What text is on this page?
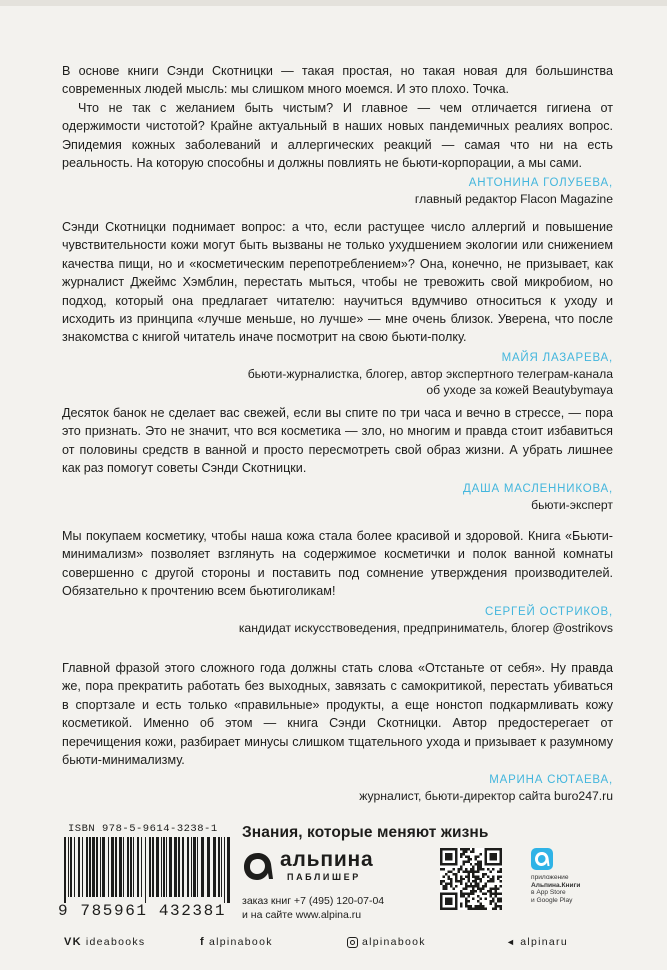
В основе книги Сэнди Скотницки — такая простая, но такая новая для большинства современных людей мысль: мы слишком много моемся. И это плохо. Точка.

Что не так с желанием быть чистым? И главное — чем отличается гигиена от одержимости чистотой? Крайне актуальный в наших новых пандемичных реалиях вопрос. Эпидемия кожных заболеваний и аллергических реакций — самая что ни на есть реальность. На которую способны и должны повлиять не бьюти-корпорации, а мы сами.

АНТОНИНА ГОЛУБЕВА,
главный редактор Flacon Magazine

Сэнди Скотницки поднимает вопрос: а что, если растущее число аллергий и повышение чувствительности кожи могут быть вызваны не только ухудшением экологии или снижением качества пищи, но и «косметическим перепотреблением»? Она, конечно, не призывает, как журналист Джеймс Хэмблин, перестать мыться, чтобы не тревожить свой микробиом, но подход, который она предлагает читателю: научиться вдумчиво относиться к уходу и исходить из принципа «лучше меньше, но лучше» — мне очень близок. Уверена, что после знакомства с книгой читатель иначе посмотрит на свою бьюти-полку.

МАЙЯ ЛАЗАРЕВА,
бьюти-журналистка, блогер, автор экспертного телеграм-канала
об уходе за кожей Beautybymaya

Десяток банок не сделает вас свежей, если вы спите по три часа и вечно в стрессе, — пора это признать. Это не значит, что вся косметика — зло, но многим и правда стоит избавиться от половины средств в ванной и просто пересмотреть свой образ жизни. А убрать лишнее как раз помогут советы Сэнди Скотницки.

ДАША МАСЛЕННИКОВА,
бьюти-эксперт

Мы покупаем косметику, чтобы наша кожа стала более красивой и здоровой. Книга «Бьюти-минимализм» позволяет взглянуть на содержимое косметички и полок ванной комнаты совершенно с другой стороны и поставить под сомнение утверждения производителей. Обязательно к прочтению всем бьютиголикам!

СЕРГЕЙ ОСТРИКОВ,
кандидат искусствоведения, предприниматель, блогер @ostrikovs

Главной фразой этого сложного года должны стать слова «Отстаньте от себя». Ну правда же, пора прекратить работать без выходных, завязать с самокритикой, перестать убиваться в спортзале и есть только «правильные» продукты, а еще нонстоп подкармливать кожу косметикой. Именно об этом — книга Сэнди Скотницки. Автор предостерегает от перечищения кожи, разбирает минусы слишком тщательного ухода и призывает к разумному бьюти-минимализму.

МАРИНА СЮТАЕВА,
журналист, бьюти-директор сайта buro247.ru
ISBN 978-5-9614-3238-1
9 785961 432381
Знания, которые меняют жизнь
альпина
ПАБЛИШЕР
заказ книг +7 (495) 120-07-04
и на сайте www.alpina.ru
приложение
Альпина.Книги
в App Store
и Google Play
VK ideabooks	f alpinabook	alpinabook	◄ alpinaru
